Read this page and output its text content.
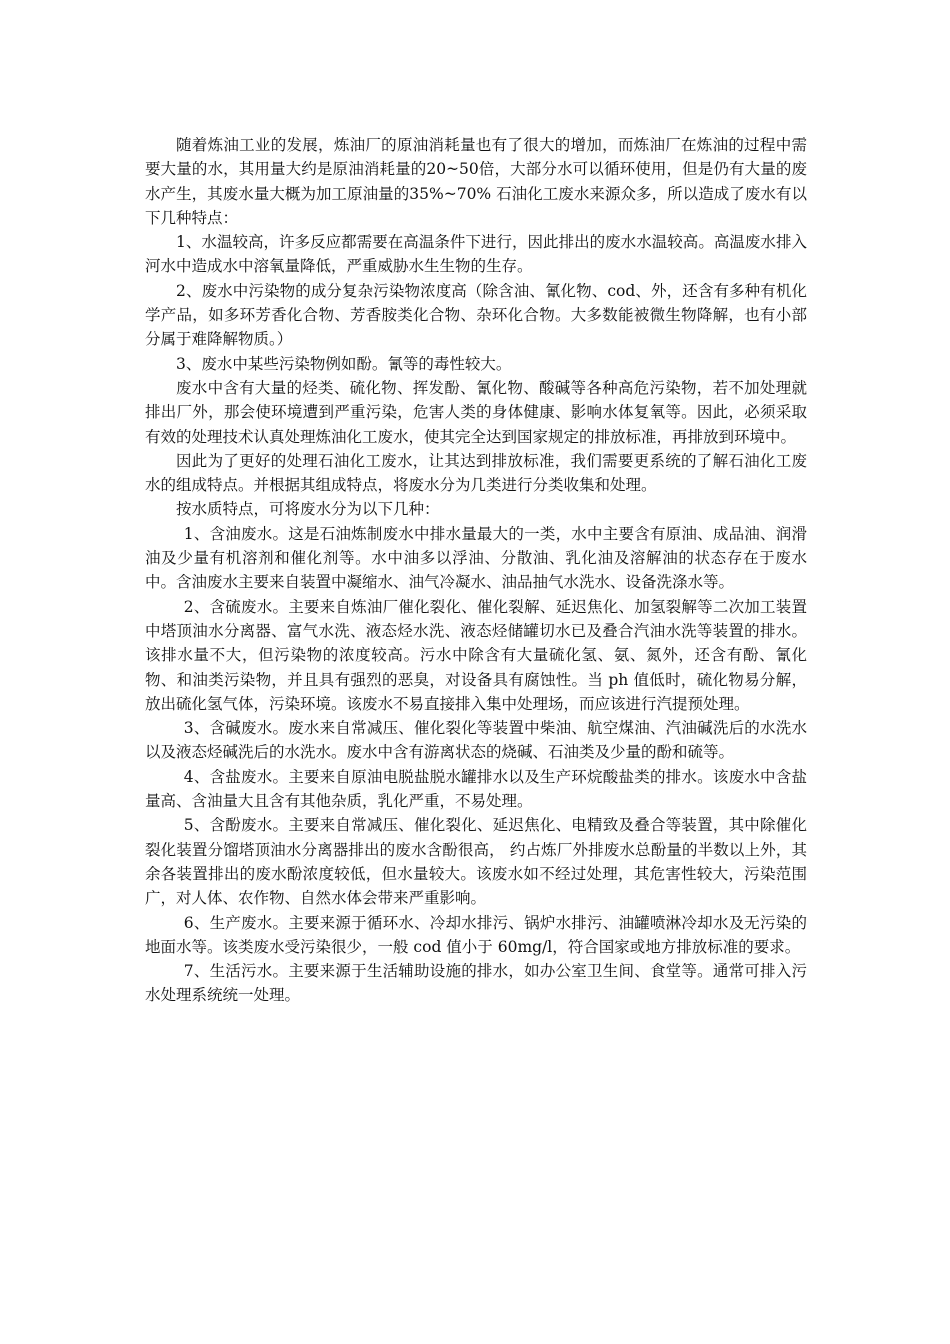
随着炼油工业的发展，炼油厂的原油消耗量也有了很大的增加，而炼油厂在炼油的过程中需要大量的水，其用量大约是原油消耗量的20~50倍，大部分水可以循环使用，但是仍有大量的废水产生，其废水量大概为加工原油量的35%~70% 石油化工废水来源众多，所以造成了废水有以下几种特点：

1、水温较高，许多反应都需要在高温条件下进行，因此排出的废水水温较高。高温废水排入河水中造成水中溶氧量降低，严重威胁水生生物的生存。

2、废水中污染物的成分复杂污染物浓度高（除含油、氰化物、cod、外，还含有多种有机化学产品，如多环芳香化合物、芳香胺类化合物、杂环化合物。大多数能被微生物降解，也有小部分属于难降解物质。）

3、废水中某些污染物例如酚。氰等的毒性较大。

废水中含有大量的烃类、硫化物、挥发酚、氰化物、酸碱等各种高危污染物，若不加处理就排出厂外，那会使环境遭到严重污染，危害人类的身体健康、影响水体复氧等。因此，必须采取有效的处理技术认真处理炼油化工废水，使其完全达到国家规定的排放标准，再排放到环境中。

因此为了更好的处理石油化工废水，让其达到排放标准，我们需要更系统的了解石油化工废水的组成特点。并根据其组成特点，将废水分为几类进行分类收集和处理。

按水质特点，可将废水分为以下几种：

1、含油废水。这是石油炼制废水中排水量最大的一类，水中主要含有原油、成品油、润滑油及少量有机溶剂和催化剂等。水中油多以浮油、分散油、乳化油及溶解油的状态存在于废水中。含油废水主要来自装置中凝缩水、油气冷凝水、油品抽气水洗水、设备洗涤水等。

2、含硫废水。主要来自炼油厂催化裂化、催化裂解、延迟焦化、加氢裂解等二次加工装置中塔顶油水分离器、富气水洗、液态烃水洗、液态烃储罐切水已及叠合汽油水洗等装置的排水。该排水量不大，但污染物的浓度较高。污水中除含有大量硫化氢、氨、氮外，还含有酚、氰化物、和油类污染物，并且具有强烈的恶臭，对设备具有腐蚀性。当 ph 值低时，硫化物易分解，放出硫化氢气体，污染环境。该废水不易直接排入集中处理场，而应该进行汽提预处理。

3、含碱废水。废水来自常减压、催化裂化等装置中柴油、航空煤油、汽油碱洗后的水洗水以及液态烃碱洗后的水洗水。废水中含有游离状态的烧碱、石油类及少量的酚和硫等。

4、含盐废水。主要来自原油电脱盐脱水罐排水以及生产环烷酸盐类的排水。该废水中含盐量高、含油量大且含有其他杂质，乳化严重，不易处理。

5、含酚废水。主要来自常减压、催化裂化、延迟焦化、电精致及叠合等装置，其中除催化裂化装置分馏塔顶油水分离器排出的废水含酚很高， 约占炼厂外排废水总酚量的半数以上外，其余各装置排出的废水酚浓度较低，但水量较大。该废水如不经过处理，其危害性较大，污染范围广，对人体、农作物、自然水体会带来严重影响。

6、生产废水。主要来源于循环水、冷却水排污、锅炉水排污、油罐喷淋冷却水及无污染的地面水等。该类废水受污染很少，一般 cod 值小于 60mg/l，符合国家或地方排放标准的要求。

7、生活污水。主要来源于生活辅助设施的排水，如办公室卫生间、食堂等。通常可排入污水处理系统统一处理。
